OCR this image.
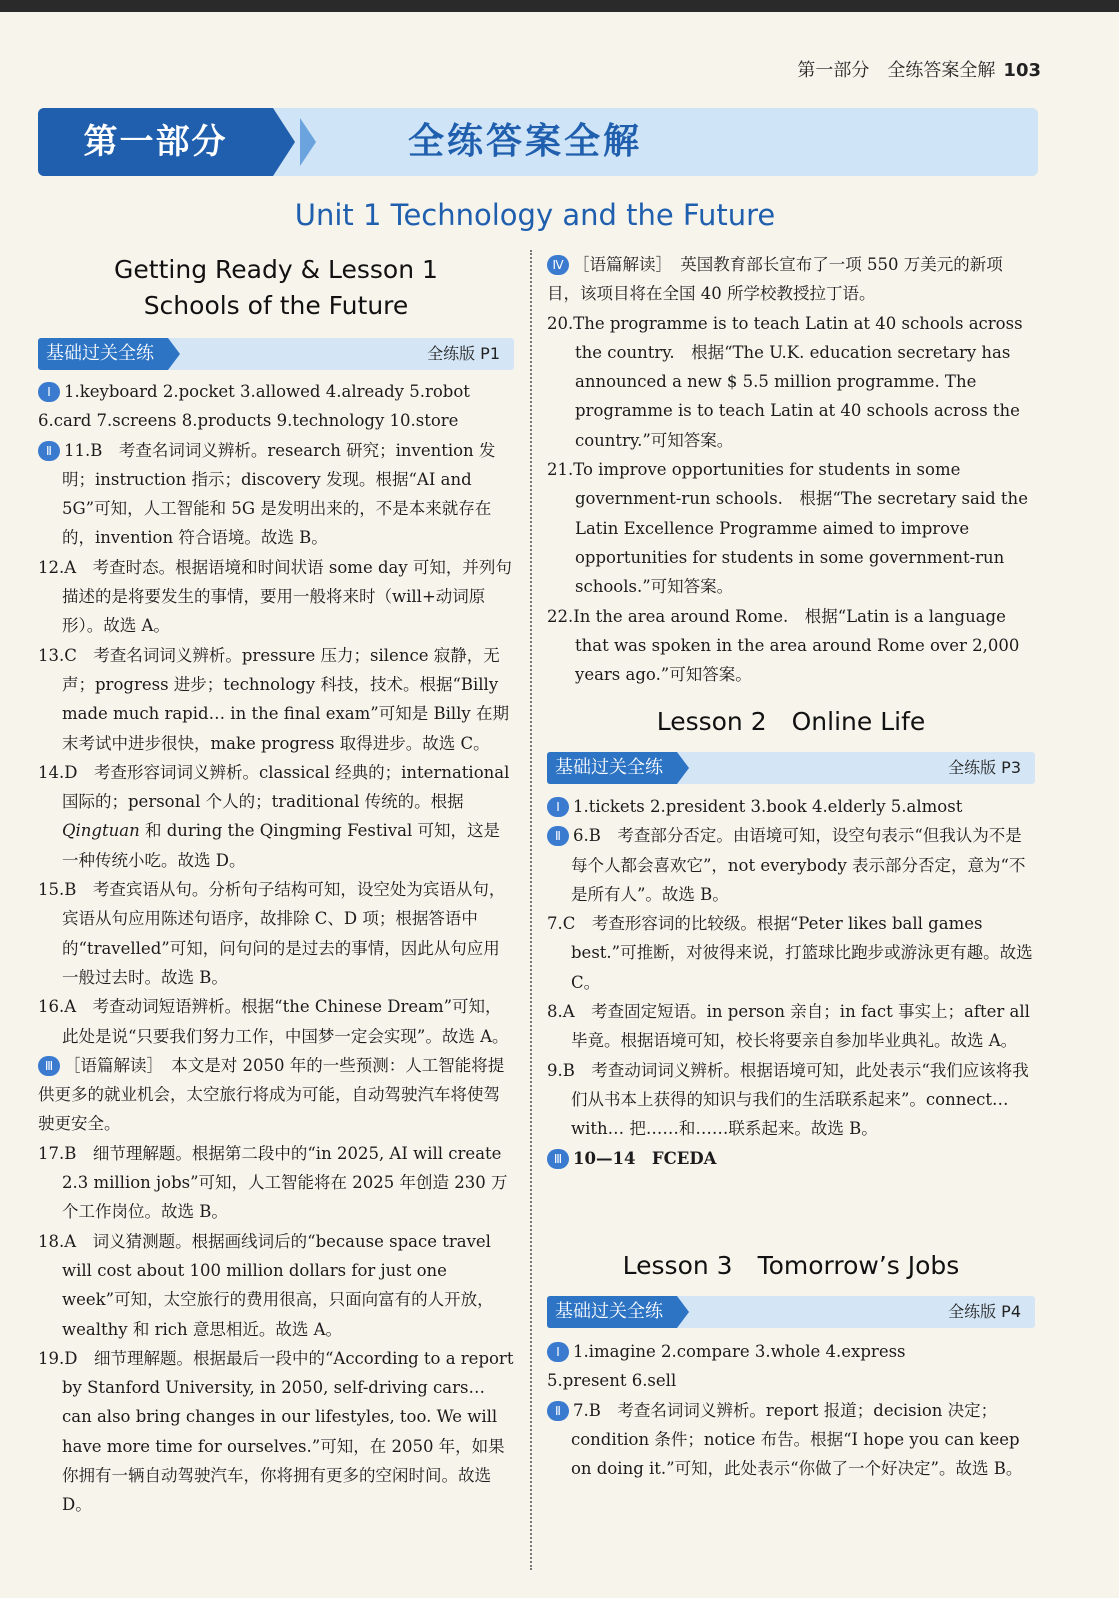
第一部分　全练答案全解 103
第一部分	全练答案全解
Unit 1 Technology and the Future
Getting Ready & Lesson 1
Schools of the Future
基础过关全练	全练版 P1

Ⅰ 1.keyboard 2.pocket 3.allowed 4.already 5.robot

6.card 7.screens 8.products 9.technology 10.store

Ⅱ 11.B　考查名词词义辨析。research 研究；invention 发明；instruction 指示；discovery 发现。根据“AI and 5G”可知，人工智能和 5G 是发明出来的，不是本来就存在的，invention 符合语境。故选 B。

12.A　考查时态。根据语境和时间状语 some day 可知，并列句描述的是将要发生的事情，要用一般将来时（will+动词原形）。故选 A。

13.C　考查名词词义辨析。pressure 压力；silence 寂静，无声；progress 进步；technology 科技，技术。根据“Billy made much rapid… in the final exam”可知是 Billy 在期末考试中进步很快，make progress 取得进步。故选 C。

14.D　考查形容词词义辨析。classical 经典的；international 国际的；personal 个人的；traditional 传统的。根据 Qingtuan 和 during the Qingming Festival 可知，这是一种传统小吃。故选 D。

15.B　考查宾语从句。分析句子结构可知，设空处为宾语从句，宾语从句应用陈述句语序，故排除 C、D 项；根据答语中的“travelled”可知，问句问的是过去的事情，因此从句应用一般过去时。故选 B。

16.A　考查动词短语辨析。根据“the Chinese Dream”可知，此处是说“只要我们努力工作，中国梦一定会实现”。故选 A。

Ⅲ ［语篇解读］　本文是对 2050 年的一些预测：人工智能将提供更多的就业机会，太空旅行将成为可能，自动驾驶汽车将使驾驶更安全。

17.B　细节理解题。根据第二段中的“in 2025, AI will create 2.3 million jobs”可知，人工智能将在 2025 年创造 230 万个工作岗位。故选 B。

18.A　词义猜测题。根据画线词后的“because space travel will cost about 100 million dollars for just one week”可知，太空旅行的费用很高，只面向富有的人开放，wealthy 和 rich 意思相近。故选 A。

19.D　细节理解题。根据最后一段中的“According to a report by Stanford University, in 2050, self-driving cars…can also bring changes in our lifestyles, too. We will have more time for ourselves.”可知，在 2050 年，如果你拥有一辆自动驾驶汽车，你将拥有更多的空闲时间。故选 D。

Ⅳ ［语篇解读］　英国教育部长宣布了一项 550 万美元的新项目，该项目将在全国 40 所学校教授拉丁语。

20.The programme is to teach Latin at 40 schools across the country.　根据“The U.K. education secretary has announced a new $ 5.5 million programme. The programme is to teach Latin at 40 schools across the country.”可知答案。

21.To improve opportunities for students in some government-run schools.　根据“The secretary said the Latin Excellence Programme aimed to improve opportunities for students in some government-run schools.”可知答案。

22.In the area around Rome.　根据“Latin is a language that was spoken in the area around Rome over 2,000 years ago.”可知答案。

Lesson 2　Online Life
基础过关全练	全练版 P3

Ⅰ 1.tickets 2.president 3.book 4.elderly 5.almost

Ⅱ 6.B　考查部分否定。由语境可知，设空句表示“但我认为不是每个人都会喜欢它”，not everybody 表示部分否定，意为“不是所有人”。故选 B。

7.C　考查形容词的比较级。根据“Peter likes ball games best.”可推断，对彼得来说，打篮球比跑步或游泳更有趣。故选 C。

8.A　考查固定短语。in person 亲自；in fact 事实上；after all 毕竟。根据语境可知，校长将要亲自参加毕业典礼。故选 A。

9.B　考查动词词义辨析。根据语境可知，此处表示“我们应该将我们从书本上获得的知识与我们的生活联系起来”。connect… with… 把……和……联系起来。故选 B。

Ⅲ 10—14　FCEDA

Lesson 3　Tomorrow’s Jobs
基础过关全练	全练版 P4

Ⅰ 1.imagine 2.compare 3.whole 4.express

5.present 6.sell

Ⅱ 7.B　考查名词词义辨析。report 报道；decision 决定；condition 条件；notice 布告。根据“I hope you can keep on doing it.”可知，此处表示“你做了一个好决定”。故选 B。
